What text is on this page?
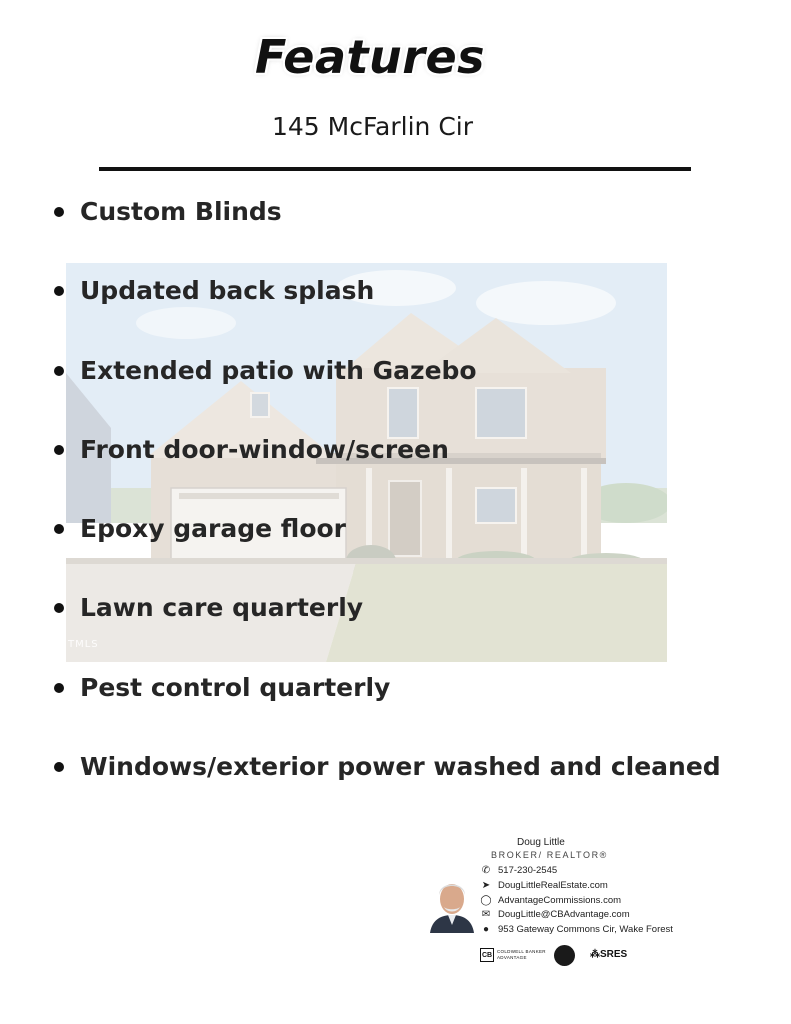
Features
145 McFarlin Cir
TMLS
Custom Blinds
Updated back splash
Extended patio with Gazebo
Front door-window/screen
Epoxy garage floor
Lawn care quarterly
Pest control quarterly
Windows/exterior power washed and cleaned
Doug Little
BROKER/ REALTOR®
✆ 517-230-2545
➤ DougLittleRealEstate.com
◯ AdvantageCommissions.com
✉ DougLittle@CBAdvantage.com
● 953 Gateway Commons Cir, Wake Forest
CB	COLDWELL BANKER
ADVANTAGE	⁂SRES
